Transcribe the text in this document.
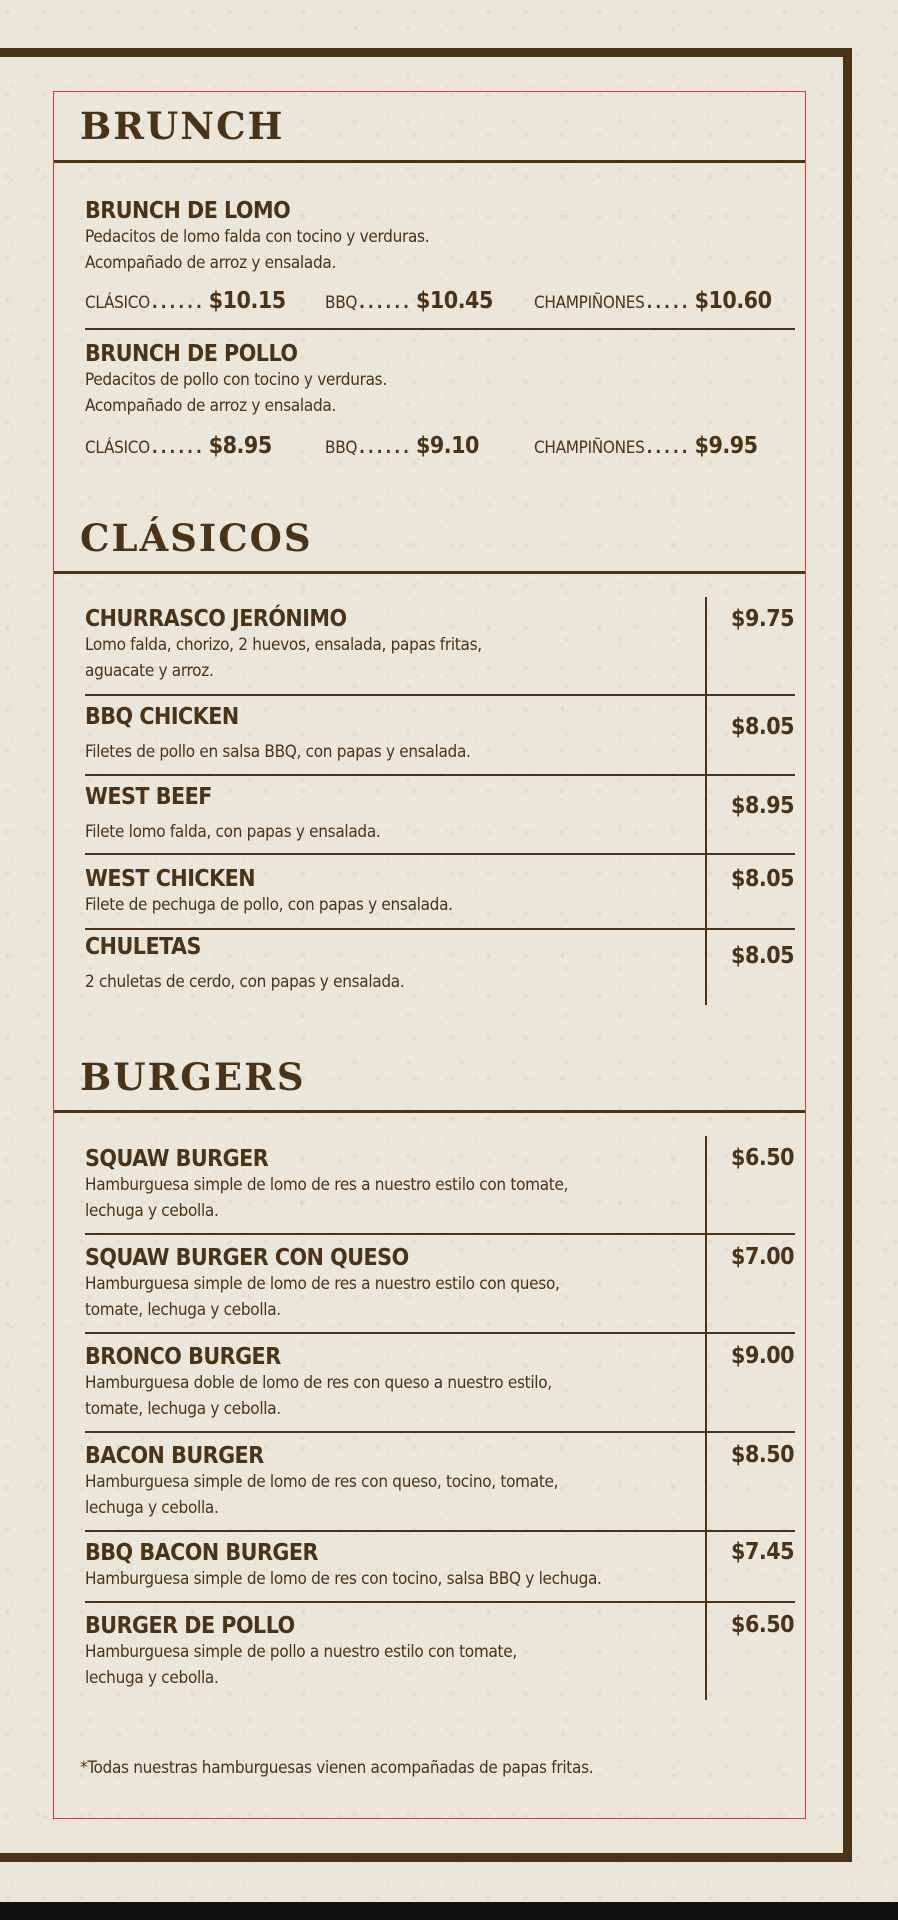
BRUNCH
BRUNCH DE LOMO
Pedacitos de lomo falda con tocino y verduras.
Acompañado de arroz y ensalada.
CLÁSICO ...... $10.15 BBQ ...... $10.45 CHAMPIÑONES ..... $10.60
BRUNCH DE POLLO
Pedacitos de pollo con tocino y verduras.
Acompañado de arroz y ensalada.
CLÁSICO ...... $8.95	BBQ ...... $9.10	CHAMPIÑONES ..... $9.95
CLÁSICOS
CHURRASCO JERÓNIMO
Lomo falda, chorizo, 2 huevos, ensalada, papas fritas,
aguacate y arroz.
$9.75
BBQ CHICKEN
Filetes de pollo en salsa BBQ, con papas y ensalada.
$8.05
WEST BEEF
Filete lomo falda, con papas y ensalada.
$8.95
WEST CHICKEN
Filete de pechuga de pollo, con papas y ensalada.
$8.05
CHULETAS
2 chuletas de cerdo, con papas y ensalada.
$8.05
BURGERS
SQUAW BURGER
Hamburguesa simple de lomo de res a nuestro estilo con tomate,
lechuga y cebolla.
$6.50
SQUAW BURGER CON QUESO
Hamburguesa simple de lomo de res a nuestro estilo con queso,
tomate, lechuga y cebolla.
$7.00
BRONCO BURGER
Hamburguesa doble de lomo de res con queso a nuestro estilo,
tomate, lechuga y cebolla.
$9.00
BACON BURGER
Hamburguesa simple de lomo de res con queso, tocino, tomate,
lechuga y cebolla.
$8.50
BBQ BACON BURGER
Hamburguesa simple de lomo de res con tocino, salsa BBQ y lechuga.
$7.45
BURGER DE POLLO
Hamburguesa simple de pollo a nuestro estilo con tomate,
lechuga y cebolla.
$6.50
*Todas nuestras hamburguesas vienen acompañadas de papas fritas.
